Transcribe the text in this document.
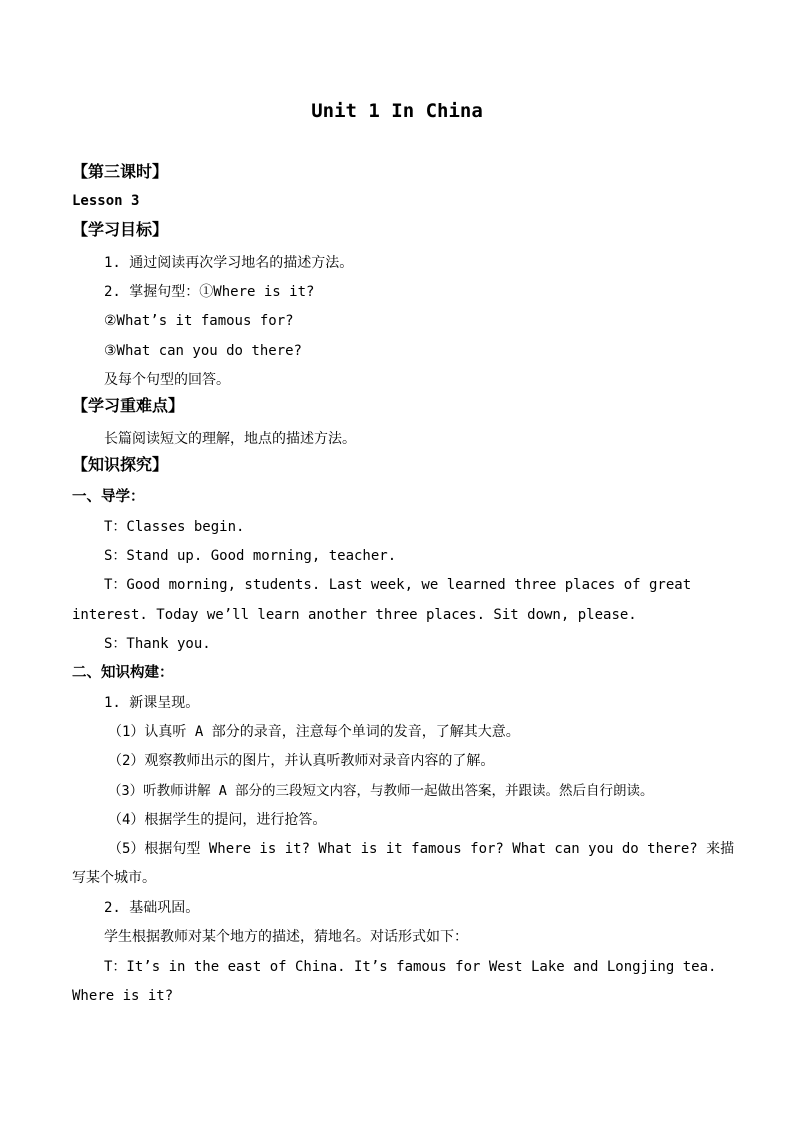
Unit 1 In China
【第三课时】
Lesson 3
【学习目标】
1. 通过阅读再次学习地名的描述方法。
2. 掌握句型：①Where is it?
②What’s it famous for?
③What can you do there?
及每个句型的回答。
【学习重难点】
长篇阅读短文的理解，地点的描述方法。
【知识探究】
一、导学：
T：Classes begin.
S：Stand up. Good morning, teacher.
T：Good morning, students. Last week, we learned three places of great
interest. Today we’ll learn another three places. Sit down, please.
S：Thank you.
二、知识构建：
1. 新课呈现。
（1）认真听 A 部分的录音，注意每个单词的发音，了解其大意。
（2）观察教师出示的图片，并认真听教师对录音内容的了解。
（3）听教师讲解 A 部分的三段短文内容，与教师一起做出答案，并跟读。然后自行朗读。
（4）根据学生的提问，进行抢答。
（5）根据句型 Where is it? What is it famous for? What can you do there? 来描
写某个城市。
2. 基础巩固。
学生根据教师对某个地方的描述，猜地名。对话形式如下：
T：It’s in the east of China. It’s famous for West Lake and Longjing tea.
Where is it?
